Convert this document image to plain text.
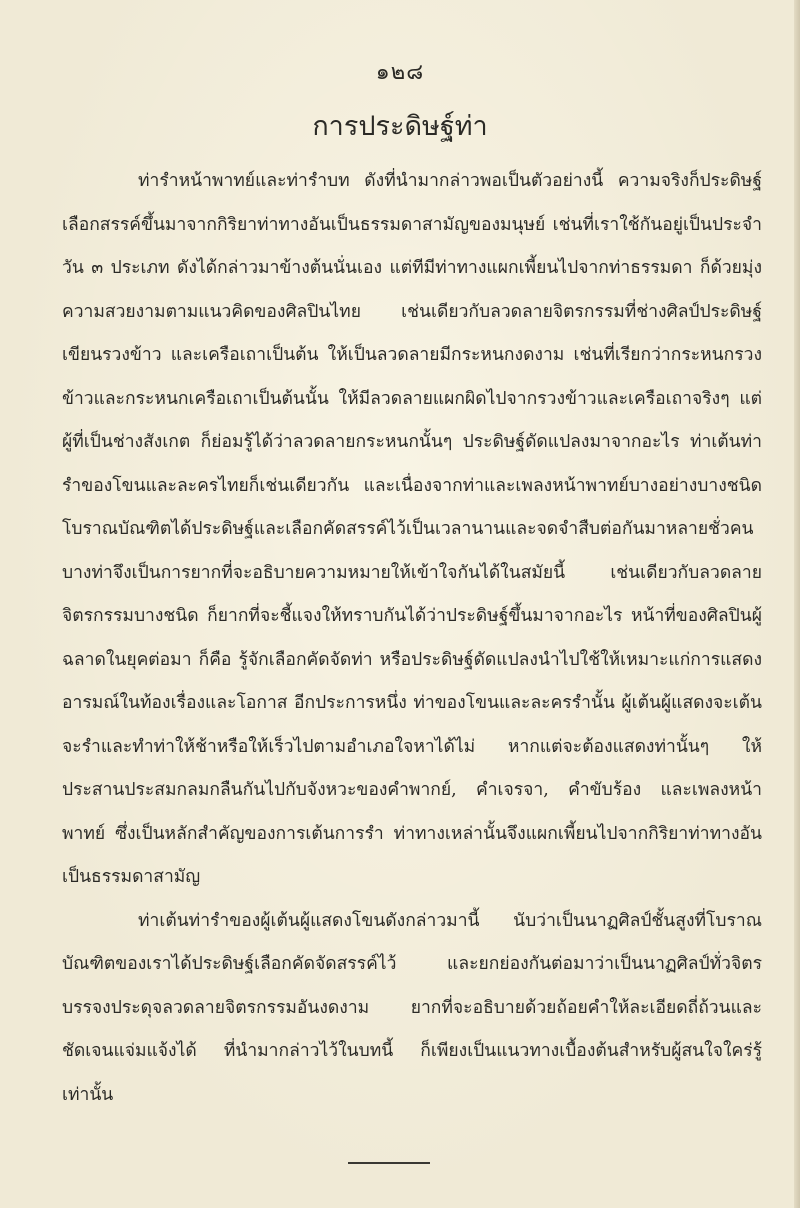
๑๒๘
การประดิษฐ์ท่า

ท่ารำหน้าพาทย์และท่ารำบท ดังที่นำมากล่าวพอเป็นตัวอย่างนี้ ความจริงก็ประดิษฐ์เลือกสรรค์ขึ้นมาจากกิริยาท่าทางอันเป็นธรรมดาสามัญของมนุษย์ เช่นที่เราใช้กันอยู่เป็นประจำวัน ๓ ประเภท ดังได้กล่าวมาข้างต้นนั่นเอง แต่ทีมีท่าทางแผกเพี้ยนไปจากท่าธรรมดา ก็ด้วยมุ่งความสวยงามตามแนวคิดของศิลปินไทย เช่นเดียวกับลวดลายจิตรกรรมที่ช่างศิลป์ประดิษฐ์เขียนรวงข้าว และเครือเถาเป็นต้น ให้เป็นลวดลายมีกระหนกงดงาม เช่นที่เรียกว่ากระหนกรวงข้าวและกระหนกเครือเถาเป็นต้นนั้น ให้มีลวดลายแผกผิดไปจากรวงข้าวและเครือเถาจริงๆ แต่ผู้ที่เป็นช่างสังเกต ก็ย่อมรู้ได้ว่าลวดลายกระหนกนั้นๆ ประดิษฐ์ดัดแปลงมาจากอะไร ท่าเต้นท่ารำของโขนและละครไทยก็เช่นเดียวกัน และเนื่องจากท่าและเพลงหน้าพาทย์บางอย่างบางชนิด โบราณบัณฑิตได้ประดิษฐ์และเลือกคัดสรรค์ไว้เป็นเวลานานและจดจำสืบต่อกันมาหลายชั่วคน บางท่าจึงเป็นการยากที่จะอธิบายความหมายให้เข้าใจกันได้ในสมัยนี้ เช่นเดียวกับลวดลายจิตรกรรมบางชนิด ก็ยากที่จะชี้แจงให้ทราบกันได้ว่าประดิษฐ์ขึ้นมาจากอะไร หน้าที่ของศิลปินผู้ฉลาดในยุคต่อมา ก็คือ รู้จักเลือกคัดจัดท่า หรือประดิษฐ์ดัดแปลงนำไปใช้ให้เหมาะแก่การแสดงอารมณ์ในท้องเรื่องและโอกาส อีกประการหนึ่ง ท่าของโขนและละครรำนั้น ผู้เต้นผู้แสดงจะเต้นจะรำและทำท่าให้ช้าหรือให้เร็วไปตามอำเภอใจหาได้ไม่ หากแต่จะต้องแสดงท่านั้นๆ ให้ประสานประสมกลมกลืนกันไปกับจังหวะของคำพากย์, คำเจรจา, คำขับร้อง และเพลงหน้าพาทย์ ซึ่งเป็นหลักสำคัญของการเต้นการรำ ท่าทางเหล่านั้นจึงแผกเพี้ยนไปจากกิริยาท่าทางอันเป็นธรรมดาสามัญ

ท่าเต้นท่ารำของผู้เต้นผู้แสดงโขนดังกล่าวมานี้ นับว่าเป็นนาฏศิลป์ชั้นสูงที่โบราณบัณฑิตของเราได้ประดิษฐ์เลือกคัดจัดสรรค์ไว้ และยกย่องกันต่อมาว่าเป็นนาฏศิลป์ทั่วจิตรบรรจงประดุจลวดลายจิตรกรรมอันงดงาม ยากที่จะอธิบายด้วยถ้อยคำให้ละเอียดถี่ถ้วนและชัดเจนแจ่มแจ้งได้ ที่นำมากล่าวไว้ในบทนี้ ก็เพียงเป็นแนวทางเบื้องต้นสำหรับผู้สนใจใคร่รู้เท่านั้น
